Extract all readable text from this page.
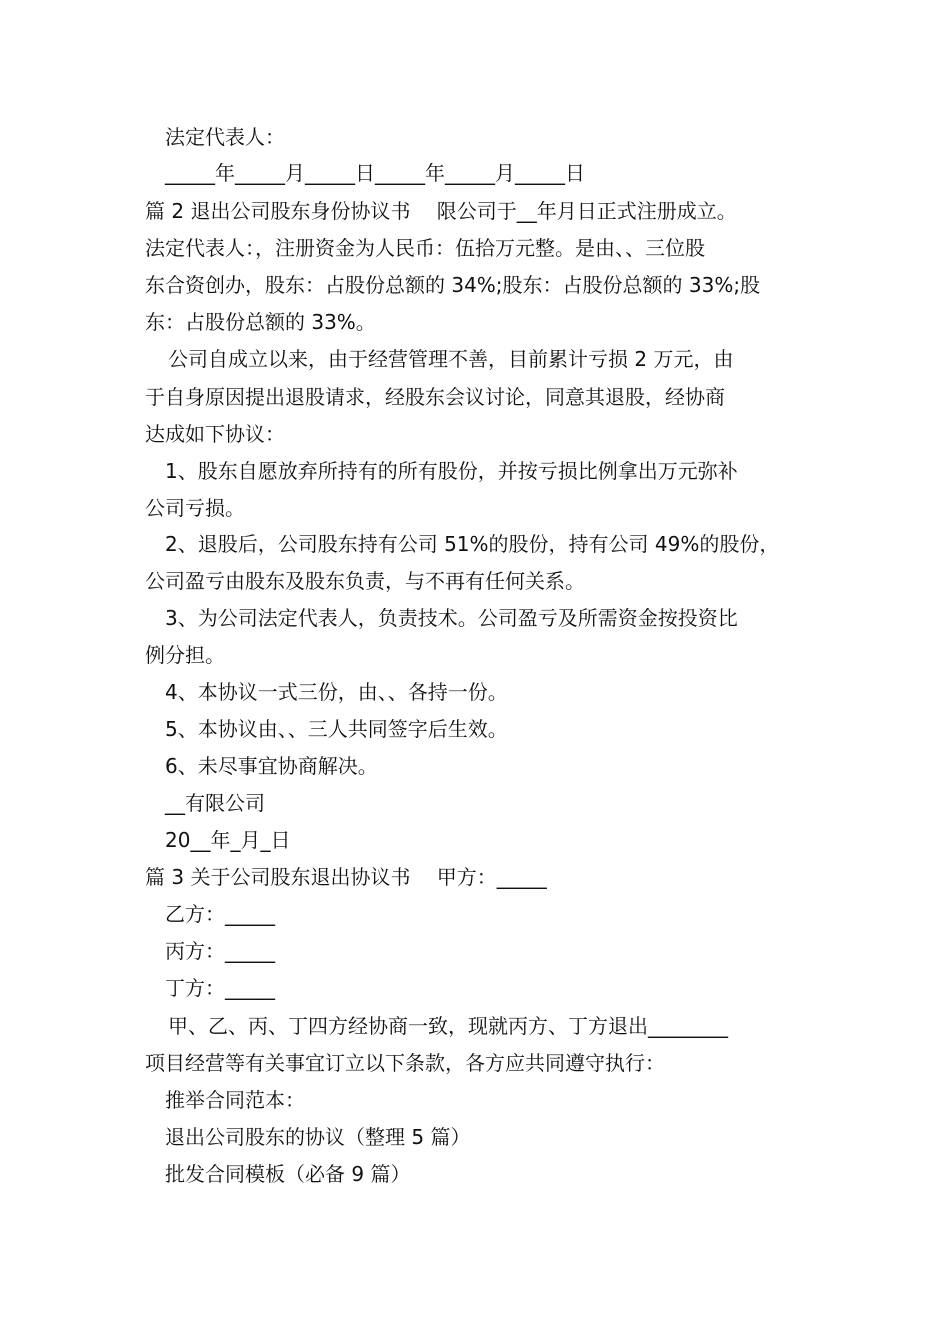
法定代表人：
_____年_____月_____日_____年_____月_____日
篇 2 退出公司股东身份协议书　 限公司于__年月日正式注册成立。
法定代表人：，注册资金为人民币：伍拾万元整。是由、、三位股
东合资创办，股东：占股份总额的 34%;股东：占股份总额的 33%;股
东：占股份总额的 33%。
公司自成立以来，由于经营管理不善，目前累计亏损 2 万元，由
于自身原因提出退股请求，经股东会议讨论，同意其退股，经协商
达成如下协议：
1、股东自愿放弃所持有的所有股份，并按亏损比例拿出万元弥补
公司亏损。
2、退股后，公司股东持有公司 51%的股份，持有公司 49%的股份，
公司盈亏由股东及股东负责，与不再有任何关系。
3、为公司法定代表人，负责技术。公司盈亏及所需资金按投资比
例分担。
4、本协议一式三份，由、、各持一份。
5、本协议由、、三人共同签字后生效。
6、未尽事宜协商解决。
__有限公司
20__年_月_日
篇 3 关于公司股东退出协议书　 甲方：_____
乙方：_____
丙方：_____
丁方：_____
甲、乙、丙、丁四方经协商一致，现就丙方、丁方退出________
项目经营等有关事宜订立以下条款，各方应共同遵守执行：
推举合同范本：
退出公司股东的协议（整理 5 篇）
批发合同模板（必备 9 篇）
